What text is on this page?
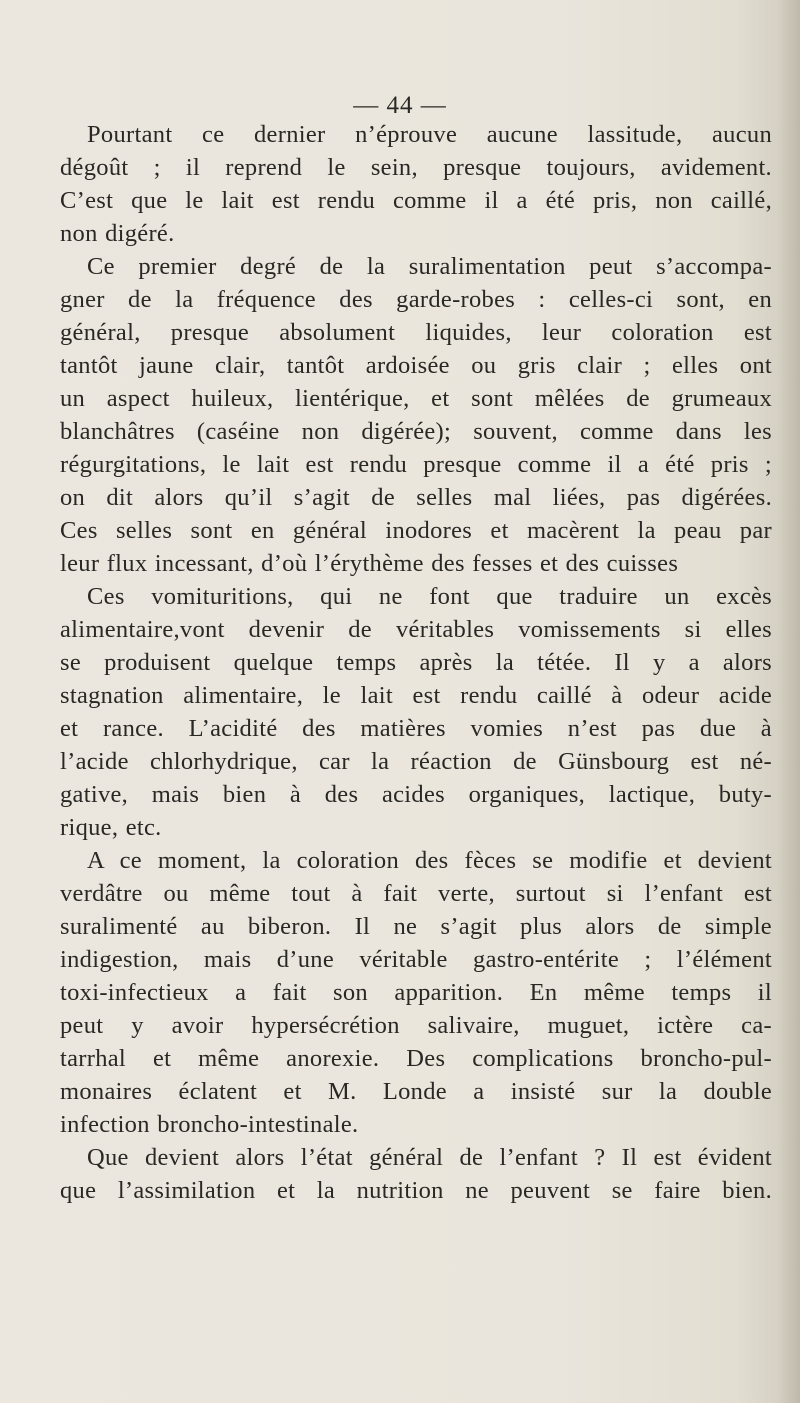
— 44 —
Pourtant ce dernier n’éprouve aucune lassitude, aucun
dégoût ; il reprend le sein, presque toujours, avidement.
C’est que le lait est rendu comme il a été pris, non caillé,
non digéré.
Ce premier degré de la suralimentation peut s’accompa-
gner de la fréquence des garde-robes : celles-ci sont, en
général, presque absolument liquides, leur coloration est
tantôt jaune clair, tantôt ardoisée ou gris clair ; elles ont
un aspect huileux, lientérique, et sont mêlées de grumeaux
blanchâtres (caséine non digérée); souvent, comme dans les
régurgitations, le lait est rendu presque comme il a été pris ;
on dit alors qu’il s’agit de selles mal liées, pas digérées.
Ces selles sont en général inodores et macèrent la peau par
leur flux incessant, d’où l’érythème des fesses et des cuisses
Ces vomituritions, qui ne font que traduire un excès
alimentaire,vont devenir de véritables vomissements si elles
se produisent quelque temps après la tétée. Il y a alors
stagnation alimentaire, le lait est rendu caillé à odeur acide
et rance. L’acidité des matières vomies n’est pas due à
l’acide chlorhydrique, car la réaction de Günsbourg est né-
gative, mais bien à des acides organiques, lactique, buty-
rique, etc.
A ce moment, la coloration des fèces se modifie et devient
verdâtre ou même tout à fait verte, surtout si l’enfant est
suralimenté au biberon. Il ne s’agit plus alors de simple
indigestion, mais d’une véritable gastro-entérite ; l’élément
toxi-infectieux a fait son apparition. En même temps il
peut y avoir hypersécrétion salivaire, muguet, ictère ca-
tarrhal et même anorexie. Des complications broncho-pul-
monaires éclatent et M. Londe a insisté sur la double
infection broncho-intestinale.
Que devient alors l’état général de l’enfant ? Il est évident
que l’assimilation et la nutrition ne peuvent se faire bien.
